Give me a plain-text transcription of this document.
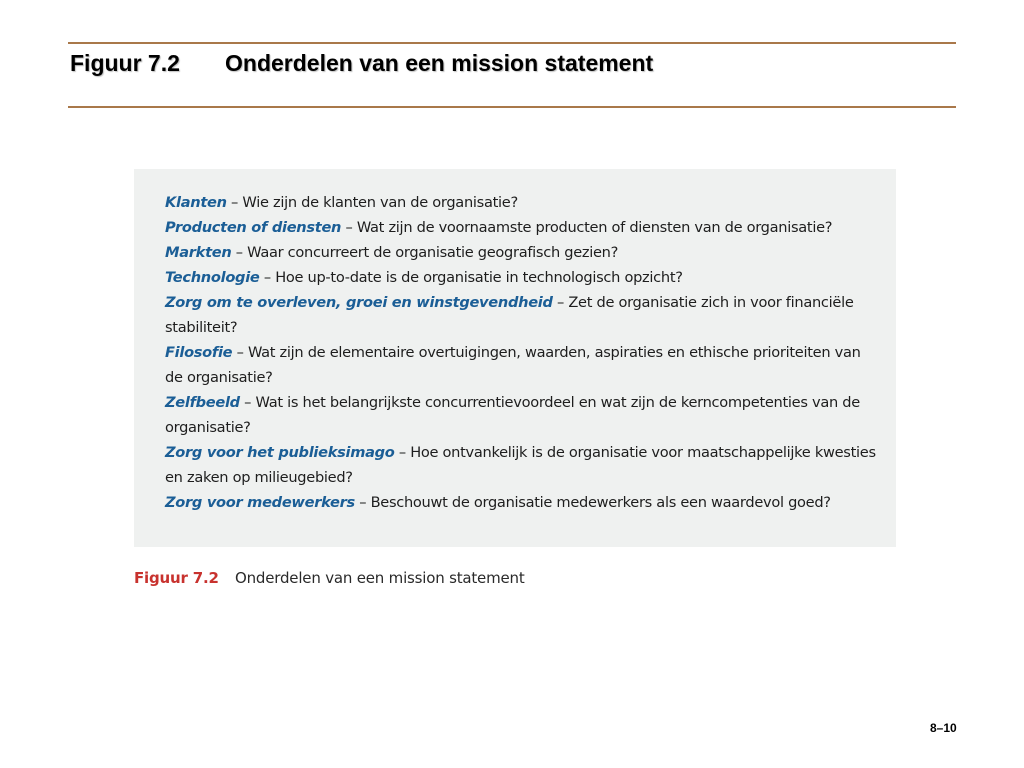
Figuur 7.2 Onderdelen van een mission statement
Klanten – Wie zijn de klanten van de organisatie?
Producten of diensten – Wat zijn de voornaamste producten of diensten van de organisatie?
Markten – Waar concurreert de organisatie geografisch gezien?
Technologie – Hoe up-to-date is de organisatie in technologisch opzicht?
Zorg om te overleven, groei en winstgevendheid – Zet de organisatie zich in voor financiële stabiliteit?
Filosofie – Wat zijn de elementaire overtuigingen, waarden, aspiraties en ethische prioriteiten van de organisatie?
Zelfbeeld – Wat is het belangrijkste concurrentievoordeel en wat zijn de kerncompetenties van de organisatie?
Zorg voor het publieksimago – Hoe ontvankelijk is de organisatie voor maatschappelijke kwesties en zaken op milieugebied?
Zorg voor medewerkers – Beschouwt de organisatie medewerkers als een waardevol goed?
Figuur 7.2 Onderdelen van een mission statement
8–10
